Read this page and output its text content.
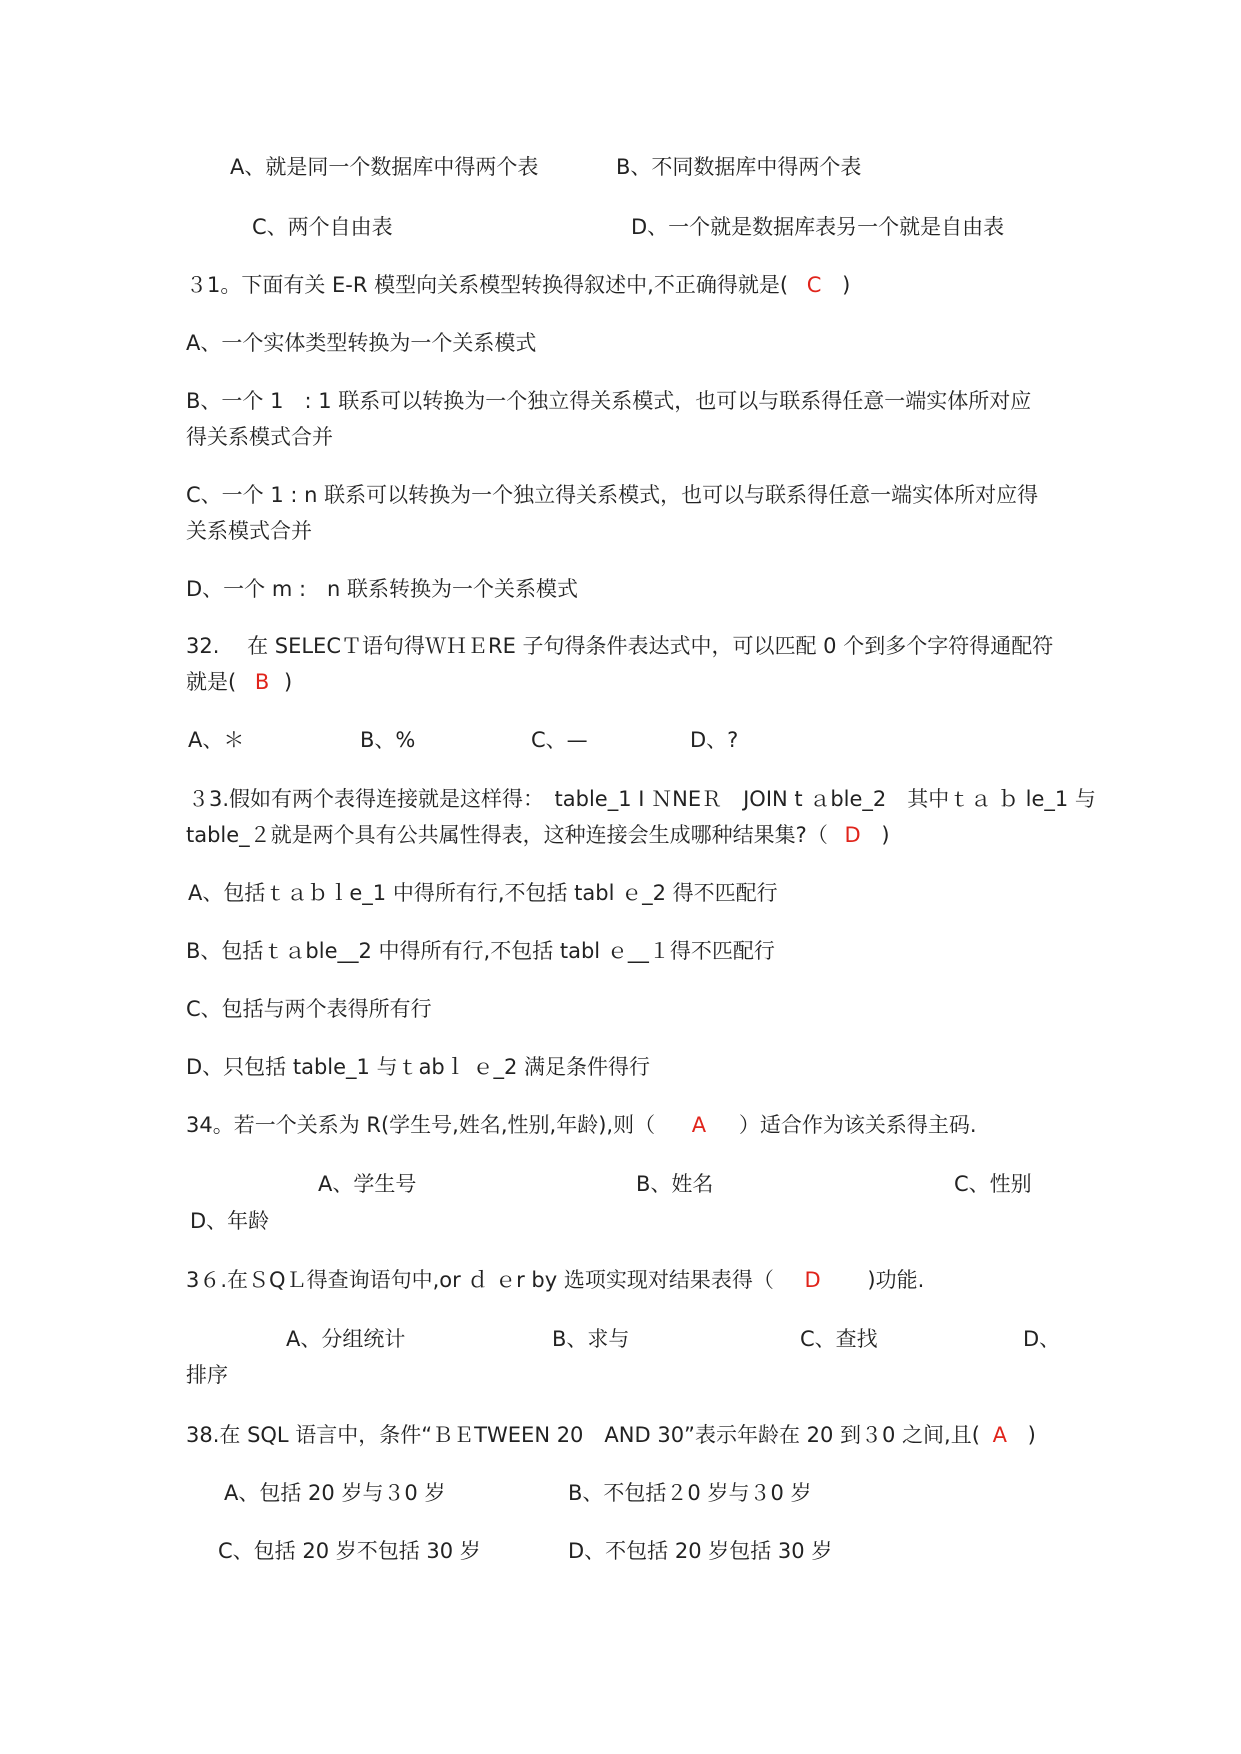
A、就是同一个数据库中得两个表	B、不同数据库中得两个表
C、两个自由表	D、一个就是数据库表另一个就是自由表
３1。下面有关 E-R 模型向关系模型转换得叙述中,不正确得就是( C )
A、一个实体类型转换为一个关系模式
B、一个 1　: 1 联系可以转换为一个独立得关系模式，也可以与联系得任意一端实体所对应
得关系模式合并
C、一个 1 : n 联系可以转换为一个独立得关系模式，也可以与联系得任意一端实体所对应得
关系模式合并
D、一个 m :　n 联系转换为一个关系模式
32.　 在 SELECＴ语句得ＷＨＥRE 子句得条件表达式中，可以匹配 0 个到多个字符得通配符
就是( B )
A、＊	B、%	C、—	D、?
３3.假如有两个表得连接就是这样得：　table_1 I ＮNEＲ　JOIN t ａble_2　其中ｔａ ｂ le_1 与
table_２就是两个具有公共属性得表，这种连接会生成哪种结果集?（ D )
A、包括ｔａｂｌe_1 中得所有行,不包括 tabl ｅ_2 得不匹配行
B、包括ｔａble__2 中得所有行,不包括 tabl ｅ__１得不匹配行
C、包括与两个表得所有行
D、只包括 table_1 与ｔabｌ ｅ_2 满足条件得行
34。若一个关系为 R(学生号,姓名,性别,年龄),则（ A ）适合作为该关系得主码.
A、学生号	B、姓名	C、性别
D、年龄
3６.在ＳQＬ得查询语句中,or ｄ ｅr by 选项实现对结果表得（ D )功能.
A、分组统计	B、求与	C、查找	D、
排序
38.在 SQL 语言中，条件“ＢＥTWEEN 20　AND 30”表示年龄在 20 到３0 之间,且( A )
A、包括 20 岁与３0 岁	B、不包括２0 岁与３0 岁
C、包括 20 岁不包括 30 岁	D、不包括 20 岁包括 30 岁
